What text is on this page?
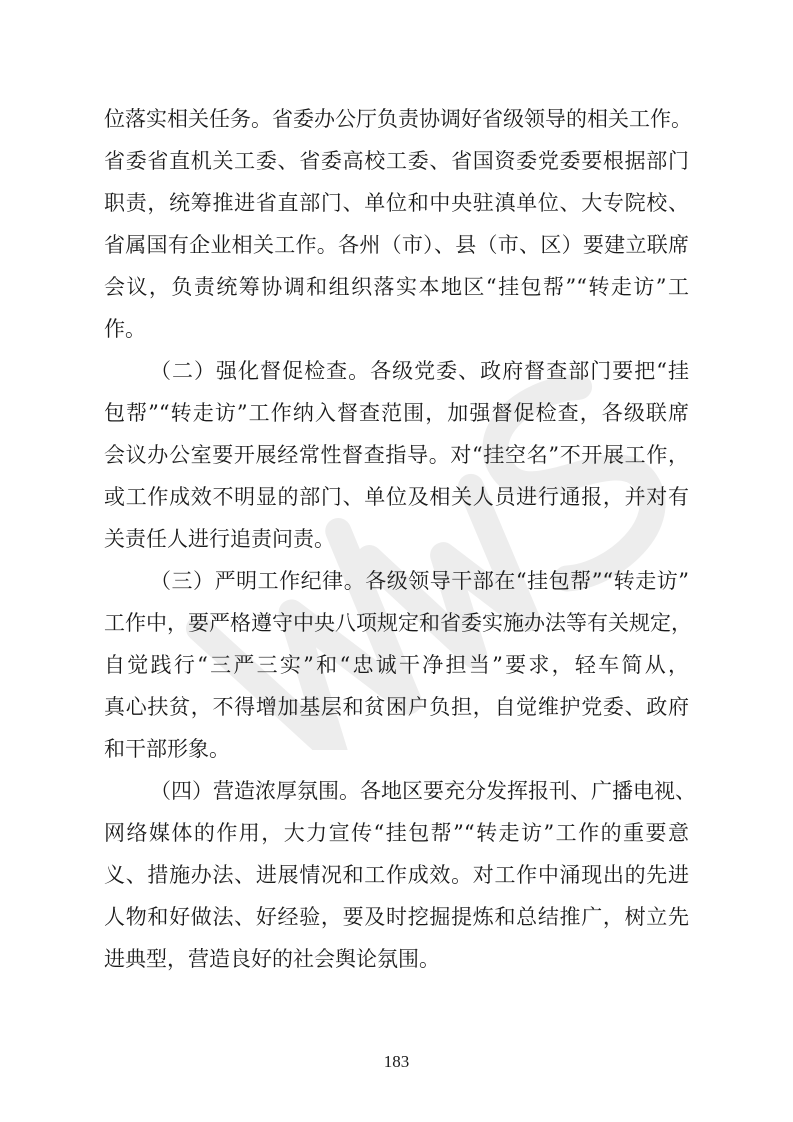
位落实相关任务。省委办公厅负责协调好省级领导的相关工作。
省委省直机关工委、省委高校工委、省国资委党委要根据部门
职责，统筹推进省直部门、单位和中央驻滇单位、大专院校、
省属国有企业相关工作。各州（市）、县（市、区）要建立联席
会议，负责统筹协调和组织落实本地区“挂包帮”“转走访”工
作。
（二）强化督促检查。各级党委、政府督查部门要把“挂
包帮”“转走访”工作纳入督查范围，加强督促检查，各级联席
会议办公室要开展经常性督查指导。对“挂空名”不开展工作，
或工作成效不明显的部门、单位及相关人员进行通报，并对有
关责任人进行追责问责。
（三）严明工作纪律。各级领导干部在“挂包帮”“转走访”
工作中，要严格遵守中央八项规定和省委实施办法等有关规定，
自觉践行“三严三实”和“忠诚干净担当”要求，轻车简从，
真心扶贫，不得增加基层和贫困户负担，自觉维护党委、政府
和干部形象。
（四）营造浓厚氛围。各地区要充分发挥报刊、广播电视、
网络媒体的作用，大力宣传“挂包帮”“转走访”工作的重要意
义、措施办法、进展情况和工作成效。对工作中涌现出的先进
人物和好做法、好经验，要及时挖掘提炼和总结推广，树立先
进典型，营造良好的社会舆论氛围。
183
